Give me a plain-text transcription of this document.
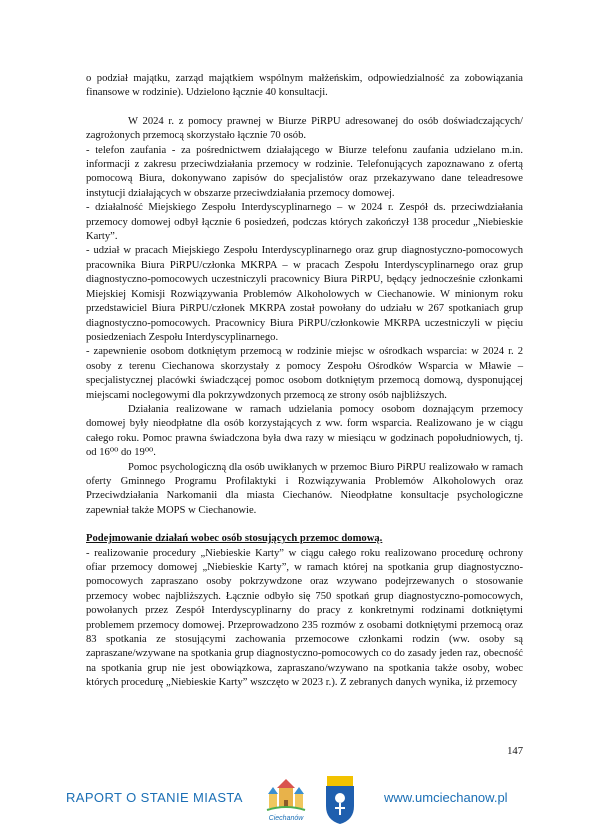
o podział majątku, zarząd majątkiem wspólnym małżeńskim, odpowiedzialność za zobowiązania finansowe w rodzinie). Udzielono łącznie 40 konsultacji.

W 2024 r. z pomocy prawnej w Biurze PiRPU adresowanej do osób doświadczających/ zagrożonych przemocą skorzystało łącznie 70 osób.

- telefon zaufania - za pośrednictwem działającego w Biurze telefonu zaufania udzielano m.in. informacji z zakresu przeciwdziałania przemocy w rodzinie. Telefonujących zapoznawano z ofertą pomocową Biura, dokonywano zapisów do specjalistów oraz przekazywano dane teleadresowe instytucji działających w obszarze przeciwdziałania przemocy domowej.

- działalność Miejskiego Zespołu Interdyscyplinarnego – w 2024 r. Zespół ds. przeciwdziałania przemocy domowej odbył łącznie 6 posiedzeń, podczas których zakończył 138 procedur „Niebieskie Karty”.

- udział w pracach Miejskiego Zespołu Interdyscyplinarnego oraz grup diagnostyczno-pomocowych pracownika Biura PiRPU/członka MKRPA – w pracach Zespołu Interdyscyplinarnego oraz grup diagnostyczno-pomocowych uczestniczyli pracownicy Biura PiRPU, będący jednocześnie członkami Miejskiej Komisji Rozwiązywania Problemów Alkoholowych w Ciechanowie. W minionym roku przedstawiciel Biura PiRPU/członek MKRPA został powołany do udziału w 267 spotkaniach grup diagnostyczno-pomocowych. Pracownicy Biura PiRPU/członkowie MKRPA uczestniczyli w pięciu posiedzeniach Zespołu Interdyscyplinarnego.

- zapewnienie osobom dotkniętym przemocą w rodzinie miejsc w ośrodkach wsparcia: w 2024 r. 2 osoby z terenu Ciechanowa skorzystały z pomocy Zespołu Ośrodków Wsparcia w Mławie – specjalistycznej placówki świadczącej pomoc osobom dotkniętym przemocą domową, dysponującej miejscami noclegowymi dla pokrzywdzonych przemocą ze strony osób najbliższych.

Działania realizowane w ramach udzielania pomocy osobom doznającym przemocy domowej były nieodpłatne dla osób korzystających z ww. form wsparcia. Realizowano je w ciągu całego roku. Pomoc prawna świadczona była dwa razy w miesiącu w godzinach popołudniowych, tj. od 16⁰⁰ do 19⁰⁰.

Pomoc psychologiczną dla osób uwikłanych w przemoc Biuro PiRPU realizowało w ramach oferty Gminnego Programu Profilaktyki i Rozwiązywania Problemów Alkoholowych oraz Przeciwdziałania Narkomanii dla miasta Ciechanów. Nieodpłatne konsultacje psychologiczne zapewniał także MOPS w Ciechanowie.

Podejmowanie działań wobec osób stosujących przemoc domową.

- realizowanie procedury „Niebieskie Karty” w ciągu całego roku realizowano procedurę ochrony ofiar przemocy domowej „Niebieskie Karty”, w ramach której na spotkania grup diagnostyczno- pomocowych zapraszano osoby pokrzywdzone oraz wzywano podejrzewanych o stosowanie przemocy wobec najbliższych. Łącznie odbyło się 750 spotkań grup diagnostyczno-pomocowych, powołanych przez Zespół Interdyscyplinarny do pracy z konkretnymi rodzinami dotkniętymi problemem przemocy domowej. Przeprowadzono 235 rozmów z osobami dotkniętymi przemocą oraz 83 spotkania ze stosującymi zachowania przemocowe członkami rodzin (ww. osoby są zapraszane/wzywane na spotkania grup diagnostyczno-pomocowych co do zasady jeden raz, obecność na spotkania grup nie jest obowiązkowa, zapraszano/wzywano na spotkania także osoby, wobec których procedurę „Niebieskie Karty” wszczęto w 2023 r.). Z zebranych danych wynika, iż przemocy

147
RAPORT O STANIE MIASTA
Ciechanów
www.umciechanow.pl
